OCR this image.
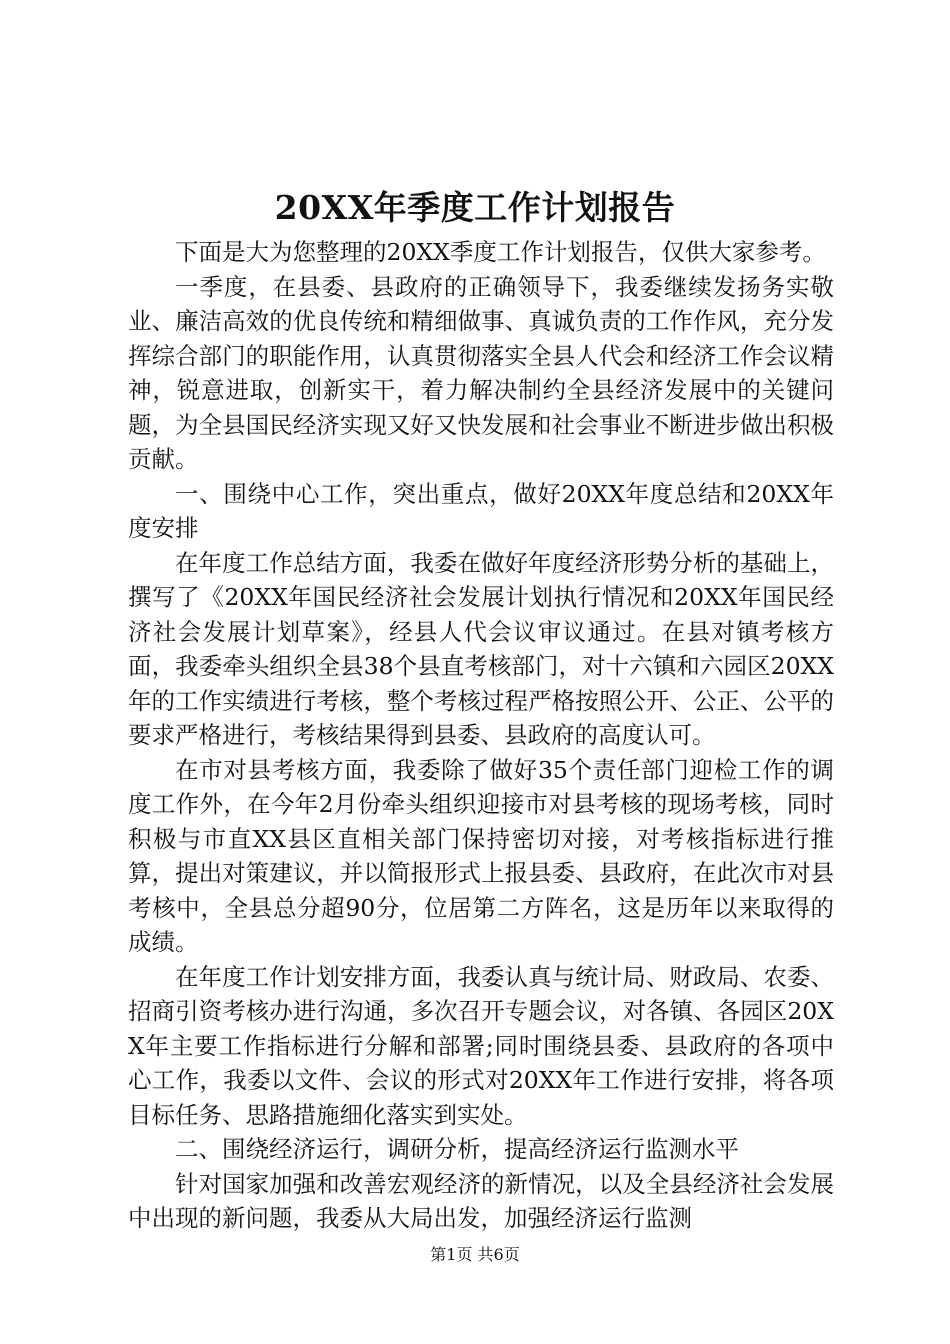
20XX年季度工作计划报告

下面是大为您整理的20XX季度工作计划报告，仅供大家参考。

一季度，在县委、县政府的正确领导下，我委继续发扬务实敬业、廉洁高效的优良传统和精细做事、真诚负责的工作作风，充分发挥综合部门的职能作用，认真贯彻落实全县人代会和经济工作会议精神，锐意进取，创新实干，着力解决制约全县经济发展中的关键问题，为全县国民经济实现又好又快发展和社会事业不断进步做出积极贡献。

一、围绕中心工作，突出重点，做好20XX年度总结和20XX年度安排

在年度工作总结方面，我委在做好年度经济形势分析的基础上，撰写了《20XX年国民经济社会发展计划执行情况和20XX年国民经济社会发展计划草案》，经县人代会议审议通过。在县对镇考核方面，我委牵头组织全县38个县直考核部门，对十六镇和六园区20XX年的工作实绩进行考核，整个考核过程严格按照公开、公正、公平的要求严格进行，考核结果得到县委、县政府的高度认可。

在市对县考核方面，我委除了做好35个责任部门迎检工作的调度工作外，在今年2月份牵头组织迎接市对县考核的现场考核，同时积极与市直XX县区直相关部门保持密切对接，对考核指标进行推算，提出对策建议，并以简报形式上报县委、县政府，在此次市对县考核中，全县总分超90分，位居第二方阵名，这是历年以来取得的成绩。

在年度工作计划安排方面，我委认真与统计局、财政局、农委、招商引资考核办进行沟通，多次召开专题会议，对各镇、各园区20XX年主要工作指标进行分解和部署;同时围绕县委、县政府的各项中心工作，我委以文件、会议的形式对20XX年工作进行安排，将各项目标任务、思路措施细化落实到实处。

二、围绕经济运行，调研分析，提高经济运行监测水平

针对国家加强和改善宏观经济的新情况，以及全县经济社会发展中出现的新问题，我委从大局出发，加强经济运行监测

第1页 共6页
